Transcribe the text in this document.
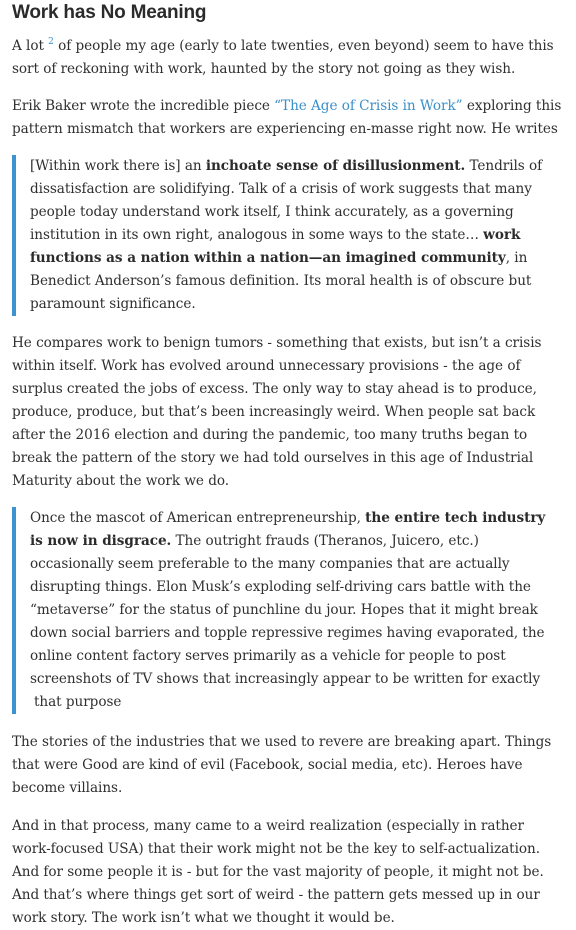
Work has No Meaning

A lot $^2$ of people my age (early to late twenties, even beyond) seem to have this sort of reckoning with work, haunted by the story not going as they wish.

Erik Baker wrote the incredible piece “The Age of Crisis in Work” exploring this pattern mismatch that workers are experiencing en-masse right now. He writes

[Within work there is] an inchoate sense of disillusionment. Tendrils of dissatisfaction are solidifying. Talk of a crisis of work suggests that many people today understand work itself, I think accurately, as a governing institution in its own right, analogous in some ways to the state… work functions as a nation within a nation—an imagined community, in Benedict Anderson’s famous definition. Its moral health is of obscure but paramount significance.

He compares work to benign tumors - something that exists, but isn’t a crisis within itself. Work has evolved around unnecessary provisions - the age of surplus created the jobs of excess. The only way to stay ahead is to produce, produce, produce, but that’s been increasingly weird. When people sat back after the 2016 election and during the pandemic, too many truths began to break the pattern of the story we had told ourselves in this age of Industrial Maturity about the work we do.

Once the mascot of American entrepreneurship, the entire tech industry is now in disgrace. The outright frauds (Theranos, Juicero, etc.) occasionally seem preferable to the many companies that are actually disrupting things. Elon Musk’s exploding self-driving cars battle with the “metaverse” for the status of punchline du jour. Hopes that it might break down social barriers and topple repressive regimes having evaporated, the online content factory serves primarily as a vehicle for people to post screenshots of TV shows that increasingly appear to be written for exactly
that purpose

The stories of the industries that we used to revere are breaking apart. Things that were Good are kind of evil (Facebook, social media, etc). Heroes have become villains.

And in that process, many came to a weird realization (especially in rather work-focused USA) that their work might not be the key to self-actualization. And for some people it is - but for the vast majority of people, it might not be. And that’s where things get sort of weird - the pattern gets messed up in our work story. The work isn’t what we thought it would be.
